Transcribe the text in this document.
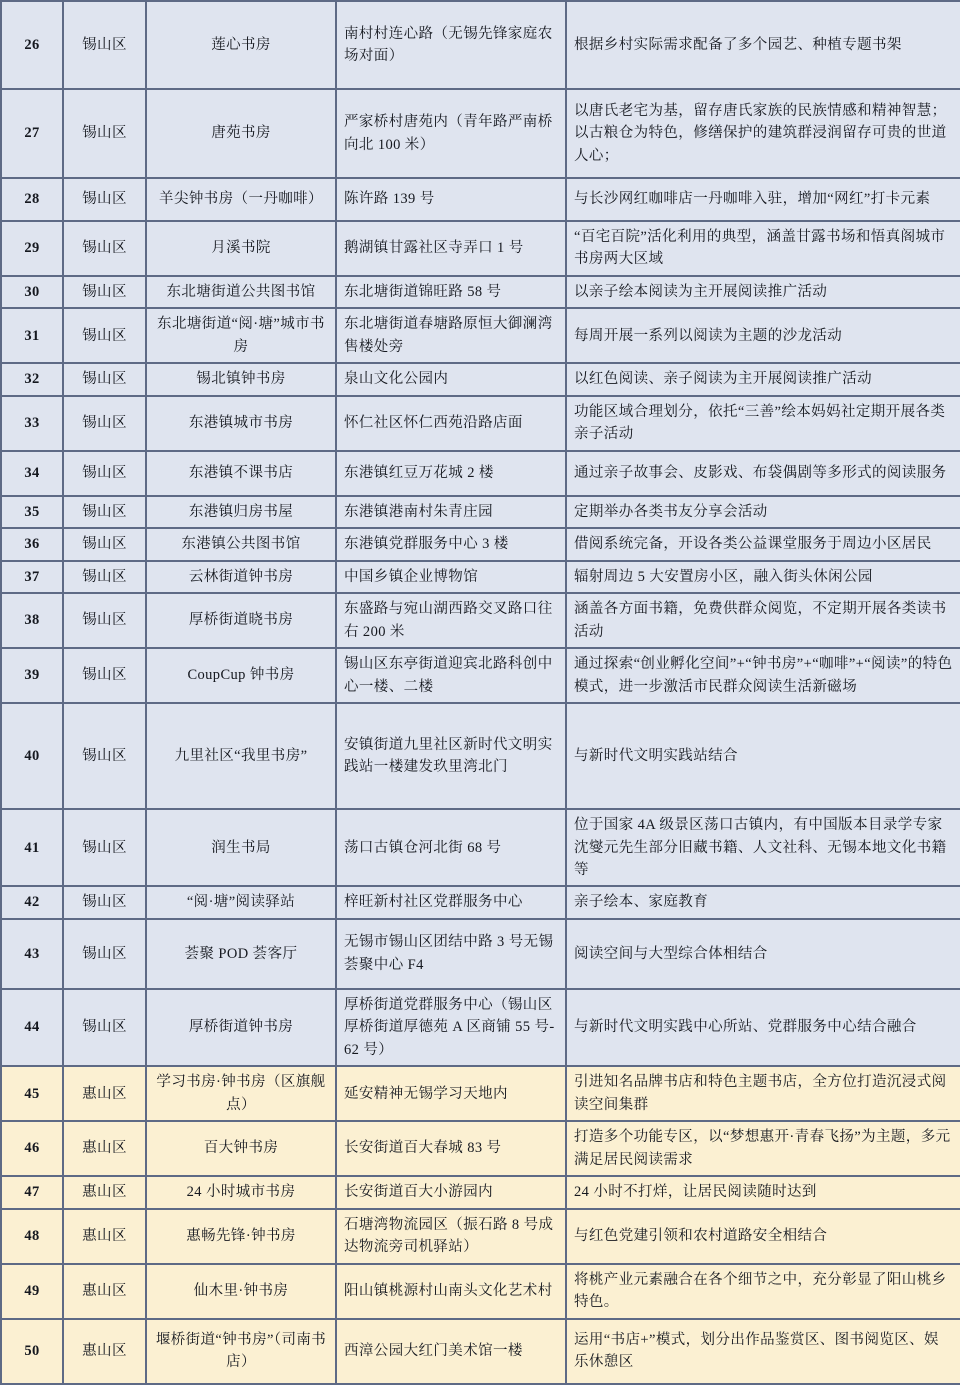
26	锡山区	莲心书房	南村村连心路（无锡先锋家庭农场对面）	根据乡村实际需求配备了多个园艺、种植专题书架
27	锡山区	唐苑书房	严家桥村唐苑内（青年路严南桥向北 100 米）	以唐氏老宅为基，留存唐氏家族的民族情感和精神智慧；以古粮仓为特色，修缮保护的建筑群浸润留存可贵的世道人心；
28	锡山区	羊尖钟书房（一丹咖啡）	陈许路 139 号	与长沙网红咖啡店一丹咖啡入驻，增加“网红”打卡元素
29	锡山区	月溪书院	鹅湖镇甘露社区寺弄口 1 号	“百宅百院”活化利用的典型，涵盖甘露书场和悟真阁城市书房两大区域
30	锡山区	东北塘街道公共图书馆	东北塘街道锦旺路 58 号	以亲子绘本阅读为主开展阅读推广活动
31	锡山区	东北塘街道“阅·塘”城市书房	东北塘街道春塘路原恒大御澜湾售楼处旁	每周开展一系列以阅读为主题的沙龙活动
32	锡山区	锡北镇钟书房	泉山文化公园内	以红色阅读、亲子阅读为主开展阅读推广活动
33	锡山区	东港镇城市书房	怀仁社区怀仁西苑沿路店面	功能区域合理划分，依托“三善”绘本妈妈社定期开展各类亲子活动
34	锡山区	东港镇不课书店	东港镇红豆万花城 2 楼	通过亲子故事会、皮影戏、布袋偶剧等多形式的阅读服务
35	锡山区	东港镇归房书屋	东港镇港南村朱青庄园	定期举办各类书友分享会活动
36	锡山区	东港镇公共图书馆	东港镇党群服务中心 3 楼	借阅系统完备，开设各类公益课堂服务于周边小区居民
37	锡山区	云林街道钟书房	中国乡镇企业博物馆	辐射周边 5 大安置房小区，融入街头休闲公园
38	锡山区	厚桥街道晓书房	东盛路与宛山湖西路交叉路口往右 200 米	涵盖各方面书籍，免费供群众阅览，不定期开展各类读书活动
39	锡山区	CoupCup 钟书房	锡山区东亭街道迎宾北路科创中心一楼、二楼	通过探索“创业孵化空间”+“钟书房”+“咖啡”+“阅读”的特色模式，进一步激活市民群众阅读生活新磁场
40	锡山区	九里社区“我里书房”	安镇街道九里社区新时代文明实践站一楼建发玖里湾北门	与新时代文明实践站结合
41	锡山区	润生书局	荡口古镇仓河北街 68 号	位于国家 4A 级景区荡口古镇内，有中国版本目录学专家沈燮元先生部分旧藏书籍、人文社科、无锡本地文化书籍等
42	锡山区	“阅·塘”阅读驿站	梓旺新村社区党群服务中心	亲子绘本、家庭教育
43	锡山区	荟聚 POD 荟客厅	无锡市锡山区团结中路 3 号无锡荟聚中心 F4	阅读空间与大型综合体相结合
44	锡山区	厚桥街道钟书房	厚桥街道党群服务中心（锡山区厚桥街道厚德苑 A 区商铺 55 号-62 号）	与新时代文明实践中心所站、党群服务中心结合融合
45	惠山区	学习书房·钟书房（区旗舰点）	延安精神无锡学习天地内	引进知名品牌书店和特色主题书店，全方位打造沉浸式阅读空间集群
46	惠山区	百大钟书房	长安街道百大春城 83 号	打造多个功能专区，以“梦想惠开·青春飞扬”为主题，多元满足居民阅读需求
47	惠山区	24 小时城市书房	长安街道百大小游园内	24 小时不打烊，让居民阅读随时达到
48	惠山区	惠畅先锋·钟书房	石塘湾物流园区（振石路 8 号成达物流旁司机驿站）	与红色党建引领和农村道路安全相结合
49	惠山区	仙木里·钟书房	阳山镇桃源村山南头文化艺术村	将桃产业元素融合在各个细节之中，充分彰显了阳山桃乡特色。
50	惠山区	堰桥街道“钟书房”（司南书店）	西漳公园大红门美术馆一楼	运用“书店+”模式，划分出作品鉴赏区、图书阅览区、娱乐休憩区
